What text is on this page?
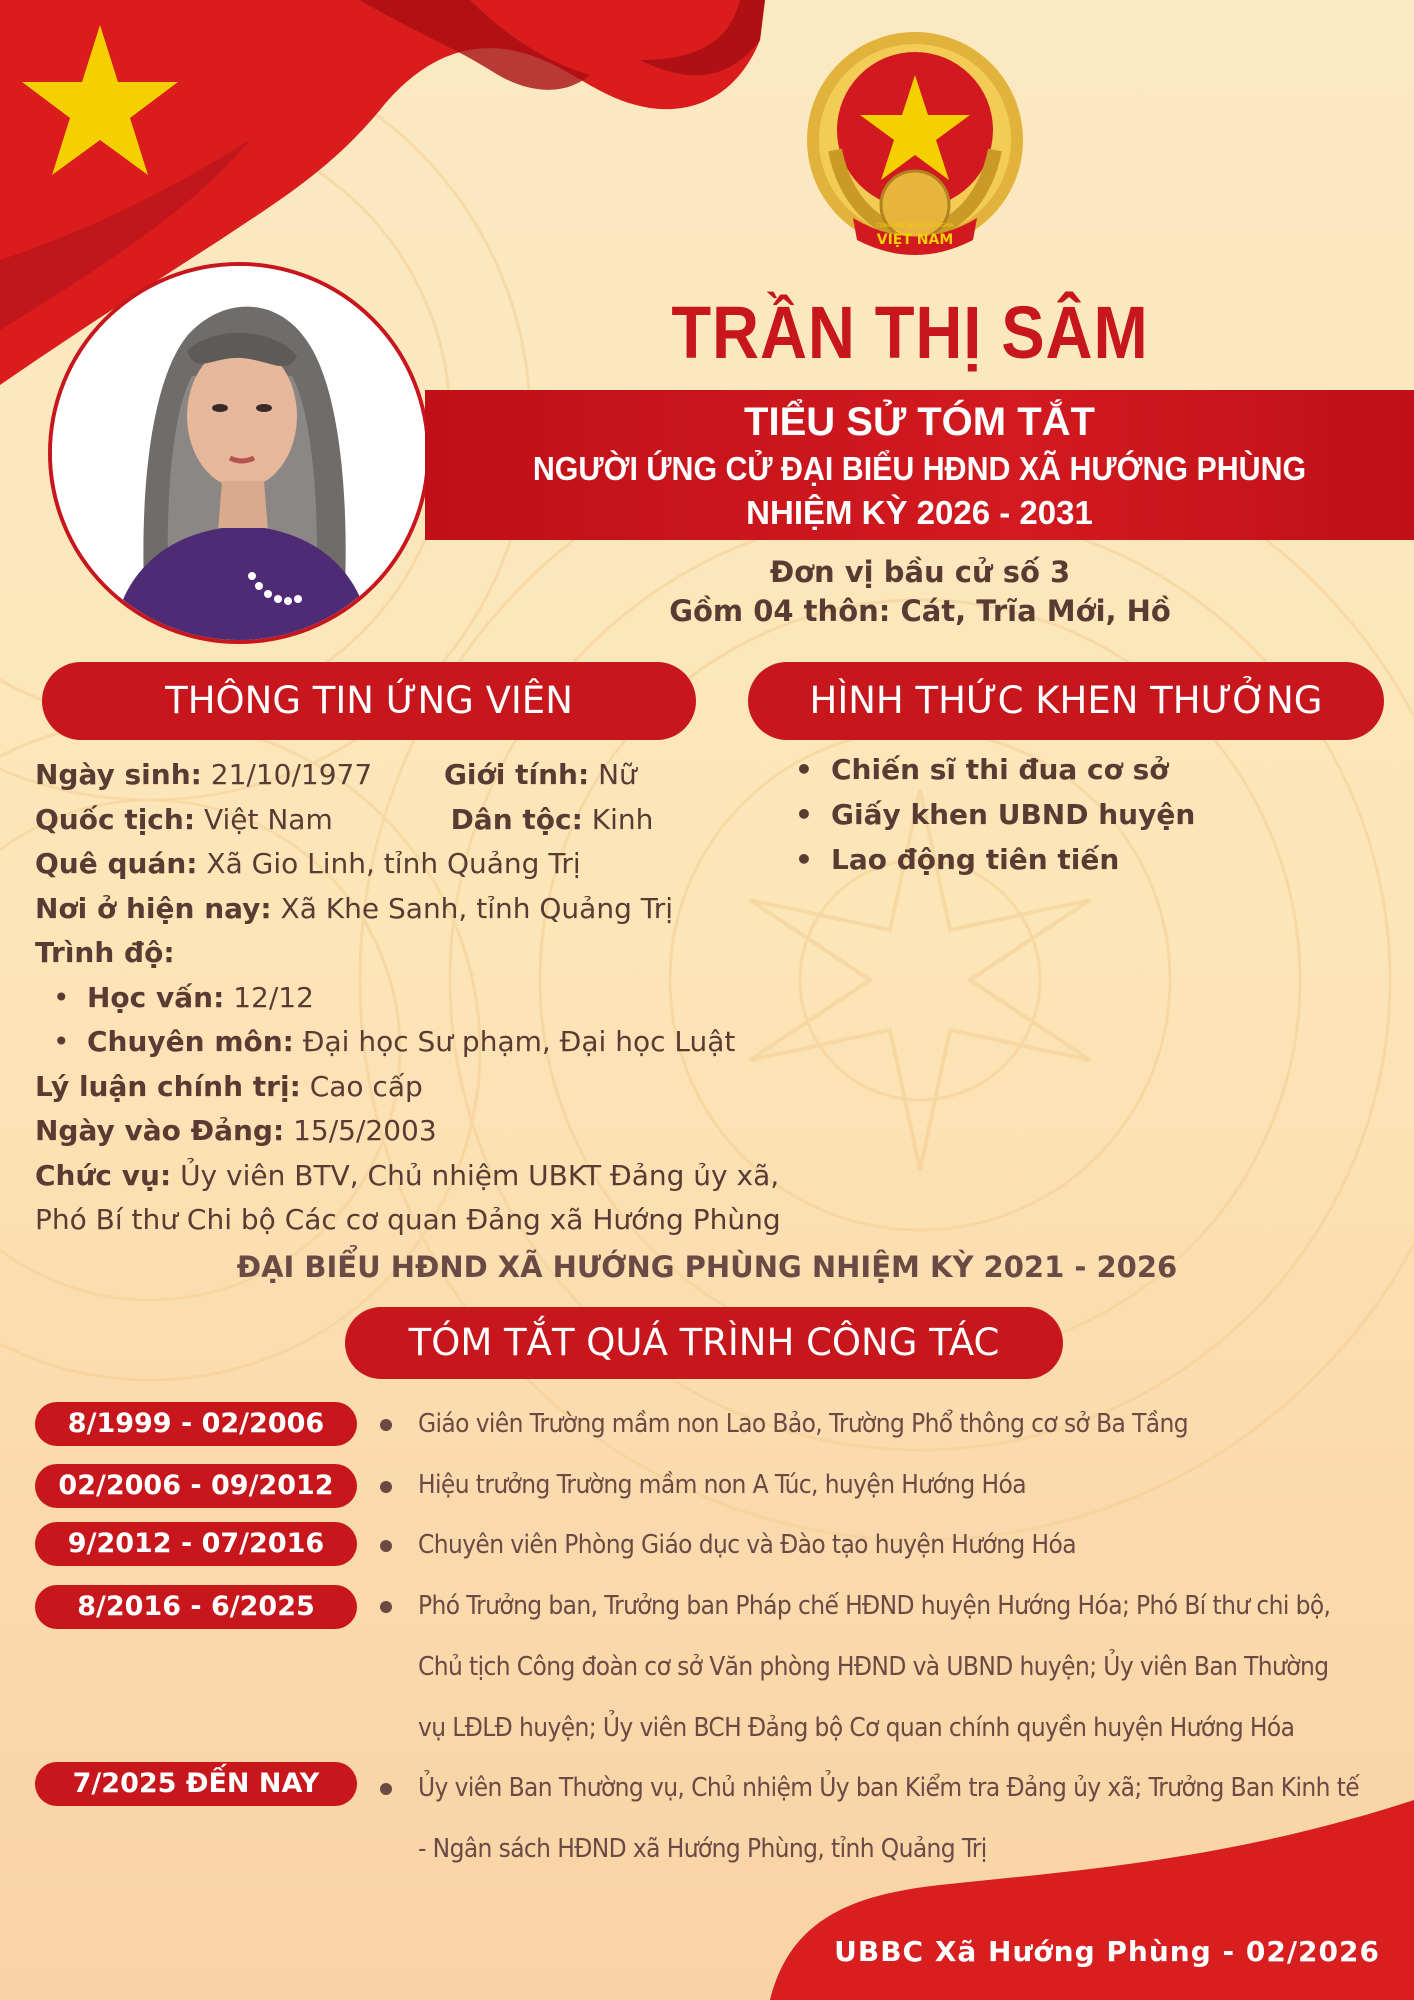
VIỆT NAM
CỘNG HÒA XÃ HỘI CHỦ NGHĨA
TRẦN THỊ SÂM
TIỂU SỬ TÓM TẮT
NGƯỜI ỨNG CỬ ĐẠI BIỂU HĐND XÃ HƯỚNG PHÙNG
NHIỆM KỲ 2026 - 2031
Đơn vị bầu cử số 3
Gồm 04 thôn: Cát, Trĩa Mới, Hồ
THÔNG TIN ỨNG VIÊN	HÌNH THỨC KHEN THƯỞNG
Ngày sinh: 21/10/1977	Giới tính: Nữ
Quốc tịch: Việt Nam	Dân tộc: Kinh
Quê quán: Xã Gio Linh, tỉnh Quảng Trị
Nơi ở hiện nay: Xã Khe Sanh, tỉnh Quảng Trị
Trình độ:
• Học vấn: 12/12
• Chuyên môn: Đại học Sư phạm, Đại học Luật
Lý luận chính trị: Cao cấp
Ngày vào Đảng: 15/5/2003
Chức vụ: Ủy viên BTV, Chủ nhiệm UBKT Đảng ủy xã,
Phó Bí thư Chi bộ Các cơ quan Đảng xã Hướng Phùng
• Chiến sĩ thi đua cơ sở
• Giấy khen UBND huyện
• Lao động tiên tiến
ĐẠI BIỂU HĐND XÃ HƯỚNG PHÙNG NHIỆM KỲ 2021 - 2026
TÓM TẮT QUÁ TRÌNH CÔNG TÁC
8/1999 - 02/2006	Giáo viên Trường mầm non Lao Bảo, Trường Phổ thông cơ sở Ba Tầng
02/2006 - 09/2012	Hiệu trưởng Trường mầm non A Túc, huyện Hướng Hóa
9/2012 - 07/2016	Chuyên viên Phòng Giáo dục và Đào tạo huyện Hướng Hóa
8/2016 - 6/2025	Phó Trưởng ban, Trưởng ban Pháp chế HĐND huyện Hướng Hóa; Phó Bí thư chi bộ,
Chủ tịch Công đoàn cơ sở Văn phòng HĐND và UBND huyện; Ủy viên Ban Thường
vụ LĐLĐ huyện; Ủy viên BCH Đảng bộ Cơ quan chính quyền huyện Hướng Hóa
7/2025 ĐẾN NAY	Ủy viên Ban Thường vụ, Chủ nhiệm Ủy ban Kiểm tra Đảng ủy xã; Trưởng Ban Kinh tế
- Ngân sách HĐND xã Hướng Phùng, tỉnh Quảng Trị
UBBC Xã Hướng Phùng - 02/2026
